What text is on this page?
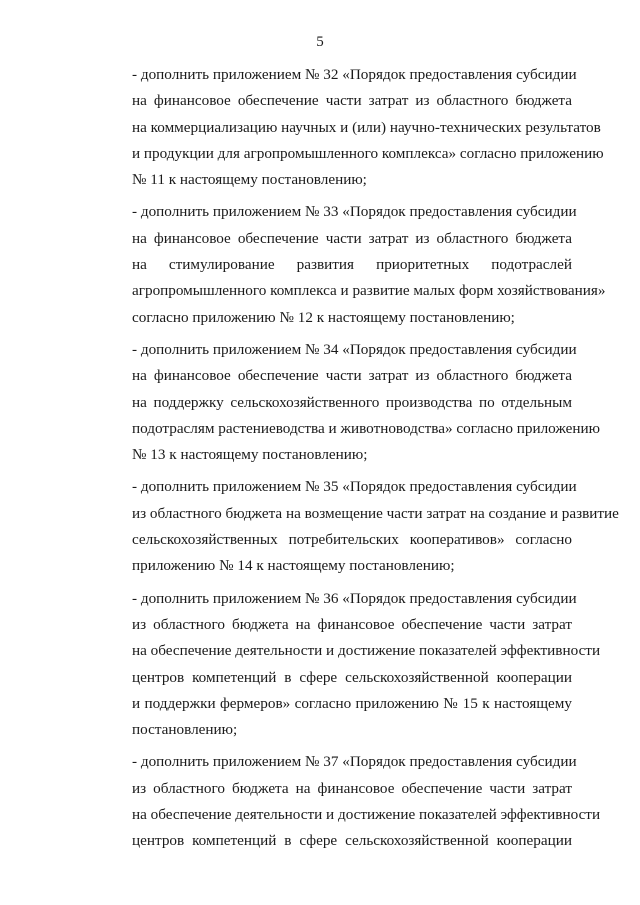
5
- дополнить приложением № 32 «Порядок предоставления субсидии
на финансовое обеспечение части затрат из областного бюджета
на коммерциализацию научных и (или) научно-технических результатов
и продукции для агропромышленного комплекса» согласно приложению
№ 11 к настоящему постановлению;
- дополнить приложением № 33 «Порядок предоставления субсидии
на финансовое обеспечение части затрат из областного бюджета
на стимулирование развития приоритетных подотраслей
агропромышленного комплекса и развитие малых форм хозяйствования»
согласно приложению № 12 к настоящему постановлению;
- дополнить приложением № 34 «Порядок предоставления субсидии
на финансовое обеспечение части затрат из областного бюджета
на поддержку сельскохозяйственного производства по отдельным
подотраслям растениеводства и животноводства» согласно приложению
№ 13 к настоящему постановлению;
- дополнить приложением № 35 «Порядок предоставления субсидии
из областного бюджета на возмещение части затрат на создание и развитие
сельскохозяйственных потребительских кооперативов» согласно
приложению № 14 к настоящему постановлению;
- дополнить приложением № 36 «Порядок предоставления субсидии
из областного бюджета на финансовое обеспечение части затрат
на обеспечение деятельности и достижение показателей эффективности
центров компетенций в сфере сельскохозяйственной кооперации
и поддержки фермеров» согласно приложению № 15 к настоящему
постановлению;
- дополнить приложением № 37 «Порядок предоставления субсидии
из областного бюджета на финансовое обеспечение части затрат
на обеспечение деятельности и достижение показателей эффективности
центров компетенций в сфере сельскохозяйственной кооперации
